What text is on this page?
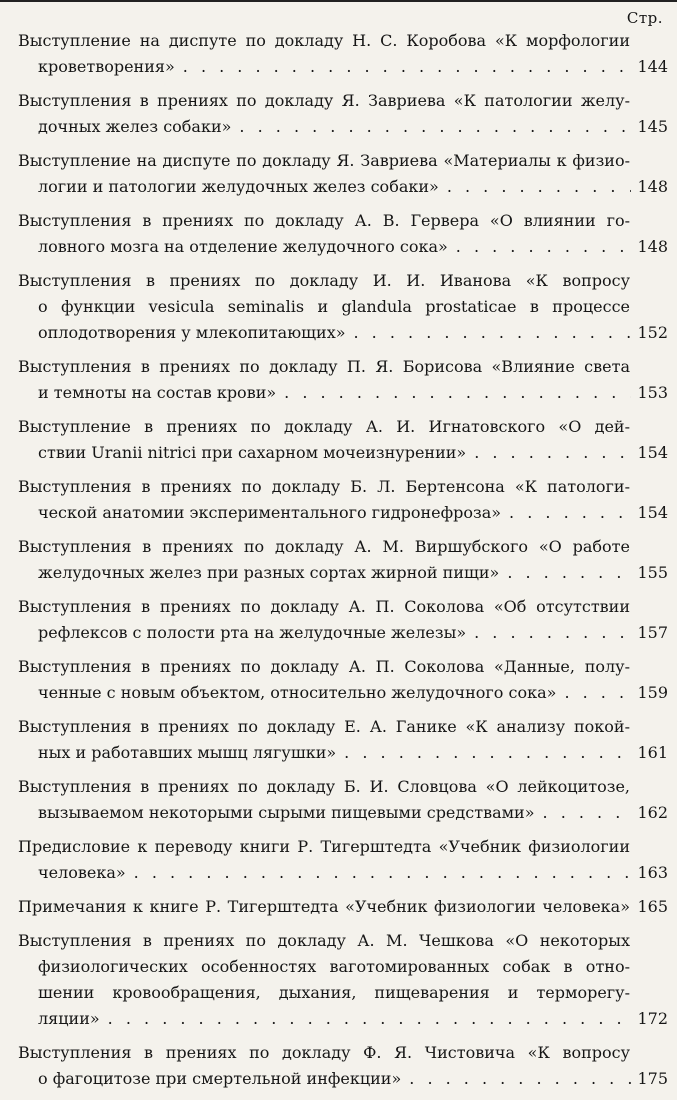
Стр.
Выступление на диспуте по докладу Н. С. Коробова «К морфологии
кроветворения» . . .	144
Выступления в прениях по докладу Я. Завриева «К патологии желу-
дочных желез собаки» . . .	145
Выступление на диспуте по докладу Я. Завриева «Материалы к физио-
логии и патологии желудочных желез собаки» . . .	148
Выступления в прениях по докладу А. В. Гервера «О влиянии го-
ловного мозга на отделение желудочного сока» . . .	148
Выступления в прениях по докладу И. И. Иванова «К вопросу
о функции vesicula seminalis и glandula prostaticae в процессе
оплодотворения у млекопитающих» . . .	152
Выступления в прениях по докладу П. Я. Борисова «Влияние света
и темноты на состав крови» . . .	153
Выступление в прениях по докладу А. И. Игнатовского «О дей-
ствии Uranii nitrici при сахарном мочеизнурении» . . .	154
Выступления в прениях по докладу Б. Л. Бертенсона «К патологи-
ческой анатомии экспериментального гидронефроза» . . .	154
Выступления в прениях по докладу А. М. Виршубского «О работе
желудочных желез при разных сортах жирной пищи» . . .	155
Выступления в прениях по докладу А. П. Соколова «Об отсутствии
рефлексов с полости рта на желудочные железы» . . .	157
Выступления в прениях по докладу А. П. Соколова «Данные, полу-
ченные с новым объектом, относительно желудочного сока» . . .	159
Выступления в прениях по докладу Е. А. Ганике «К анализу покой-
ных и работавших мышц лягушки» . . .	161
Выступления в прениях по докладу Б. И. Словцова «О лейкоцитозе,
вызываемом некоторыми сырыми пищевыми средствами» . . .	162
Предисловие к переводу книги Р. Тигерштедта «Учебник физиологии
человека» . . .	163
Примечания к книге Р. Тигерштедта «Учебник физиологии человека» 165
Выступления в прениях по докладу А. М. Чешкова «О некоторых
физиологических особенностях ваготомированных собак в отно-
шении кровообращения, дыхания, пищеварения и терморегу-
ляции» . . .	172
Выступления в прениях по докладу Ф. Я. Чистовича «К вопросу
о фагоцитозе при смертельной инфекции» . . .	175
